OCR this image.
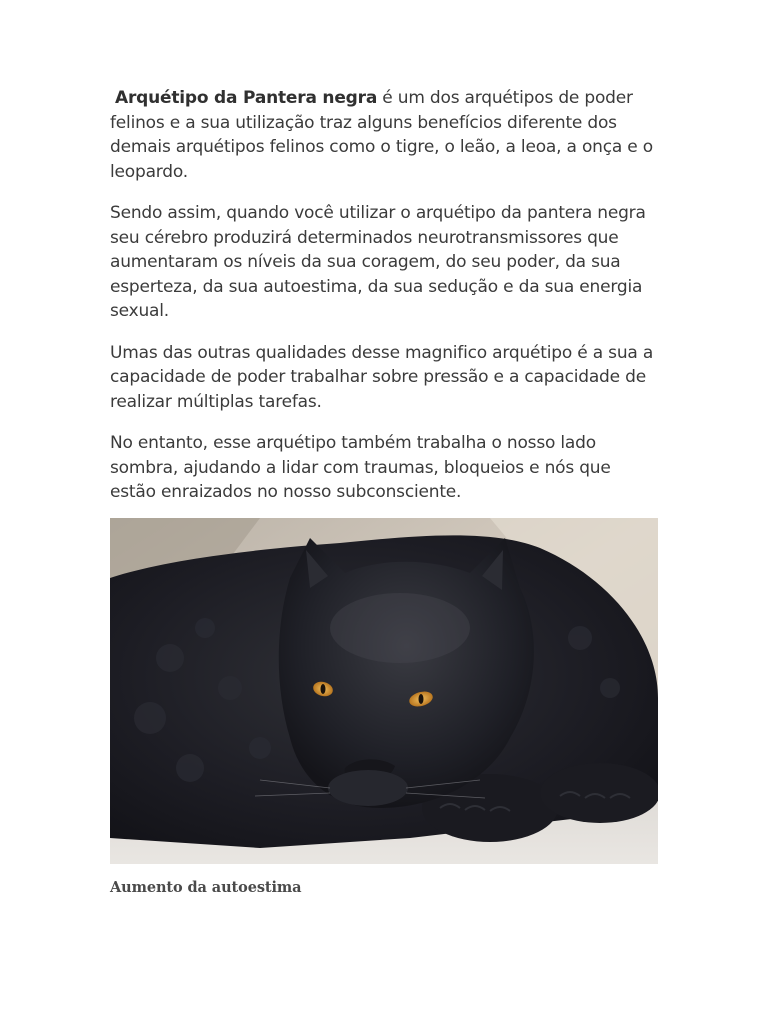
Arquétipo da Pantera negra é um dos arquétipos de poder felinos e a sua utilização traz alguns benefícios diferente dos demais arquétipos felinos como o tigre, o leão, a leoa, a onça e o leopardo.

Sendo assim, quando você utilizar o arquétipo da pantera negra seu cérebro produzirá determinados neurotransmissores que aumentaram os níveis da sua coragem, do seu poder, da sua esperteza, da sua autoestima, da sua sedução e da sua energia sexual.

Umas das outras qualidades desse magnifico arquétipo é a sua a capacidade de poder trabalhar sobre pressão e a capacidade de realizar múltiplas tarefas.

No entanto, esse arquétipo também trabalha o nosso lado sombra, ajudando a lidar com traumas, bloqueios e nós que estão enraizados no nosso subconsciente.

Aumento da autoestima
